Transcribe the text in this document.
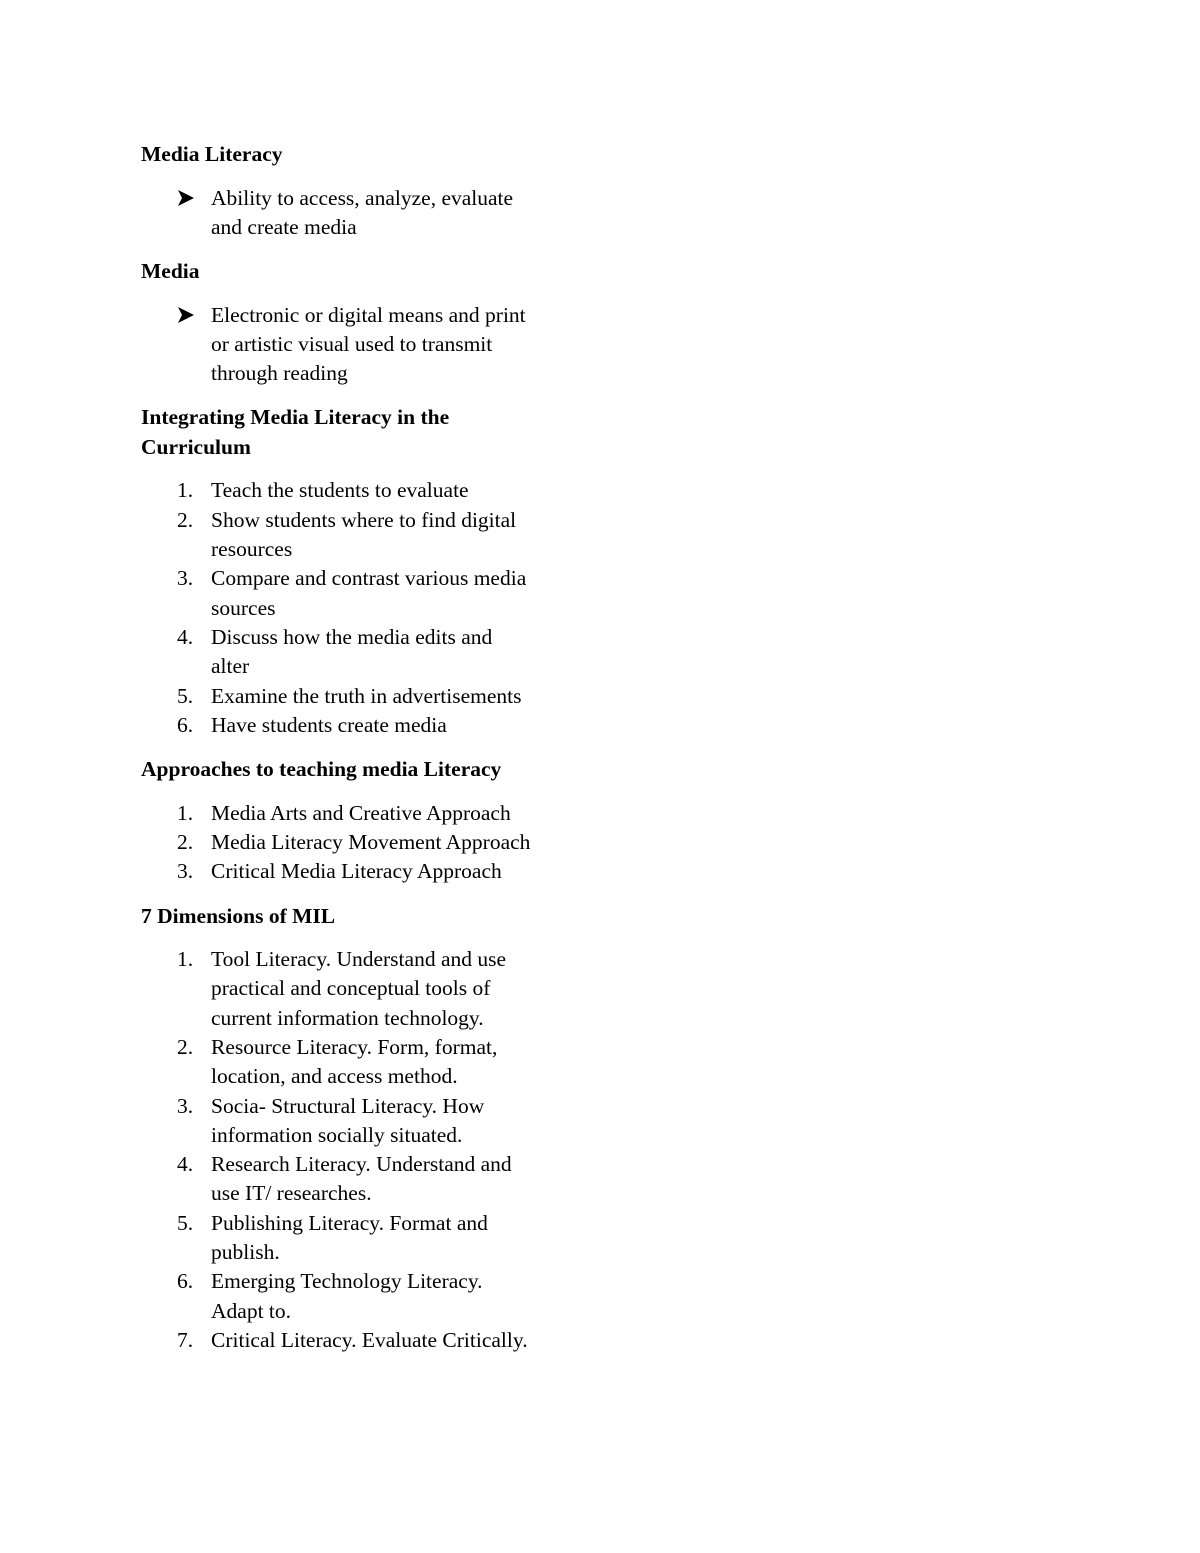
Media Literacy
Ability to access, analyze, evaluate
and create media
Media
Electronic or digital means and print
or artistic visual used to transmit
through reading
Integrating Media Literacy in the
Curriculum
1. Teach the students to evaluate
2. Show students where to find digital
resources
3. Compare and contrast various media
sources
4. Discuss how the media edits and
alter
5. Examine the truth in advertisements
6. Have students create media
Approaches to teaching media Literacy
1. Media Arts and Creative Approach
2. Media Literacy Movement Approach
3. Critical Media Literacy Approach
7 Dimensions of MIL
1. Tool Literacy. Understand and use
practical and conceptual tools of
current information technology.
2. Resource Literacy. Form, format,
location, and access method.
3. Socia- Structural Literacy. How
information socially situated.
4. Research Literacy. Understand and
use IT/ researches.
5. Publishing Literacy. Format and
publish.
6. Emerging Technology Literacy.
Adapt to.
7. Critical Literacy. Evaluate Critically.
